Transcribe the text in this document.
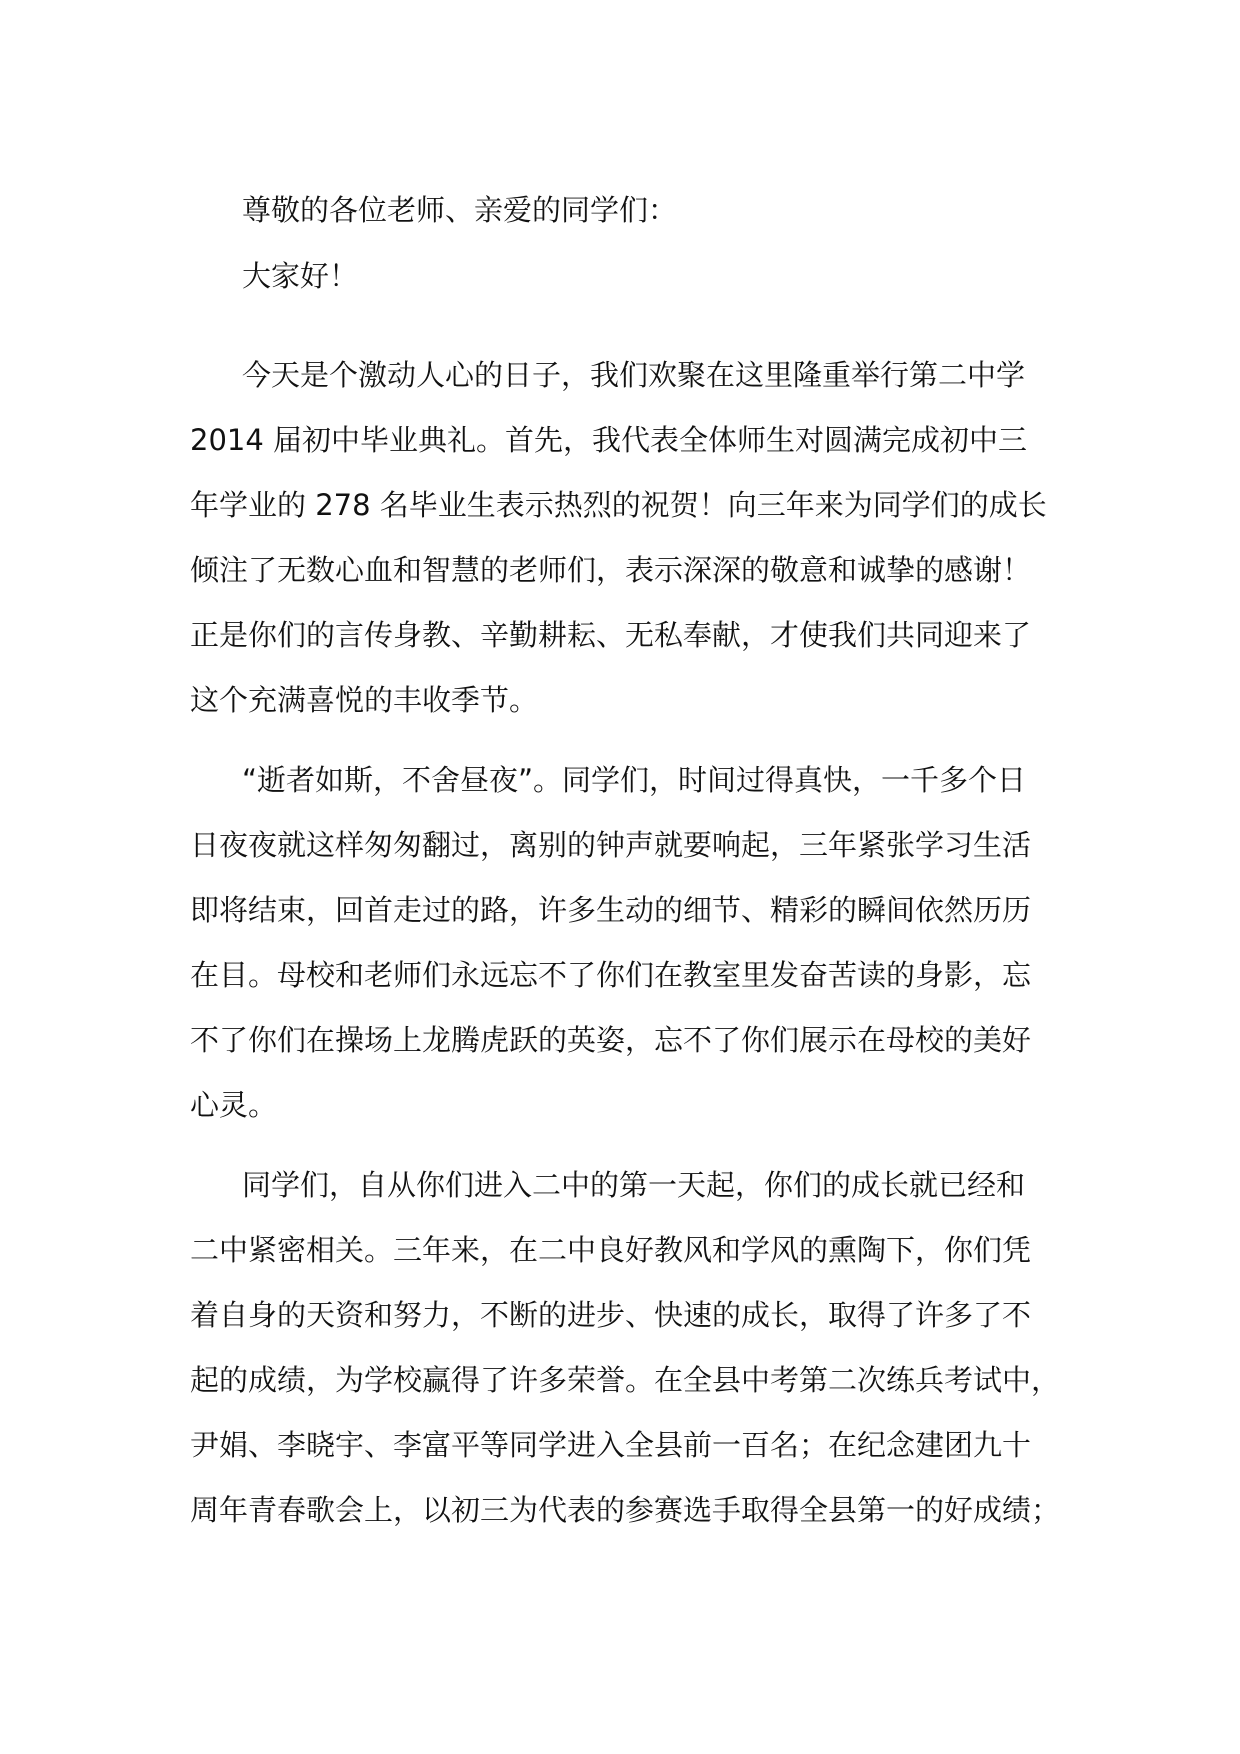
尊敬的各位老师、亲爱的同学们：
大家好！
今天是个激动人心的日子，我们欢聚在这里隆重举行第二中学
2014 届初中毕业典礼。首先，我代表全体师生对圆满完成初中三
年学业的 278 名毕业生表示热烈的祝贺！向三年来为同学们的成长
倾注了无数心血和智慧的老师们，表示深深的敬意和诚挚的感谢！
正是你们的言传身教、辛勤耕耘、无私奉献，才使我们共同迎来了
这个充满喜悦的丰收季节。
“逝者如斯，不舍昼夜”。同学们，时间过得真快，一千多个日
日夜夜就这样匆匆翻过，离别的钟声就要响起，三年紧张学习生活
即将结束，回首走过的路，许多生动的细节、精彩的瞬间依然历历
在目。母校和老师们永远忘不了你们在教室里发奋苦读的身影，忘
不了你们在操场上龙腾虎跃的英姿，忘不了你们展示在母校的美好
心灵。
同学们，自从你们进入二中的第一天起，你们的成长就已经和
二中紧密相关。三年来，在二中良好教风和学风的熏陶下，你们凭
着自身的天资和努力，不断的进步、快速的成长，取得了许多了不
起的成绩，为学校赢得了许多荣誉。在全县中考第二次练兵考试中，
尹娟、李晓宇、李富平等同学进入全县前一百名；在纪念建团九十
周年青春歌会上，以初三为代表的参赛选手取得全县第一的好成绩；
